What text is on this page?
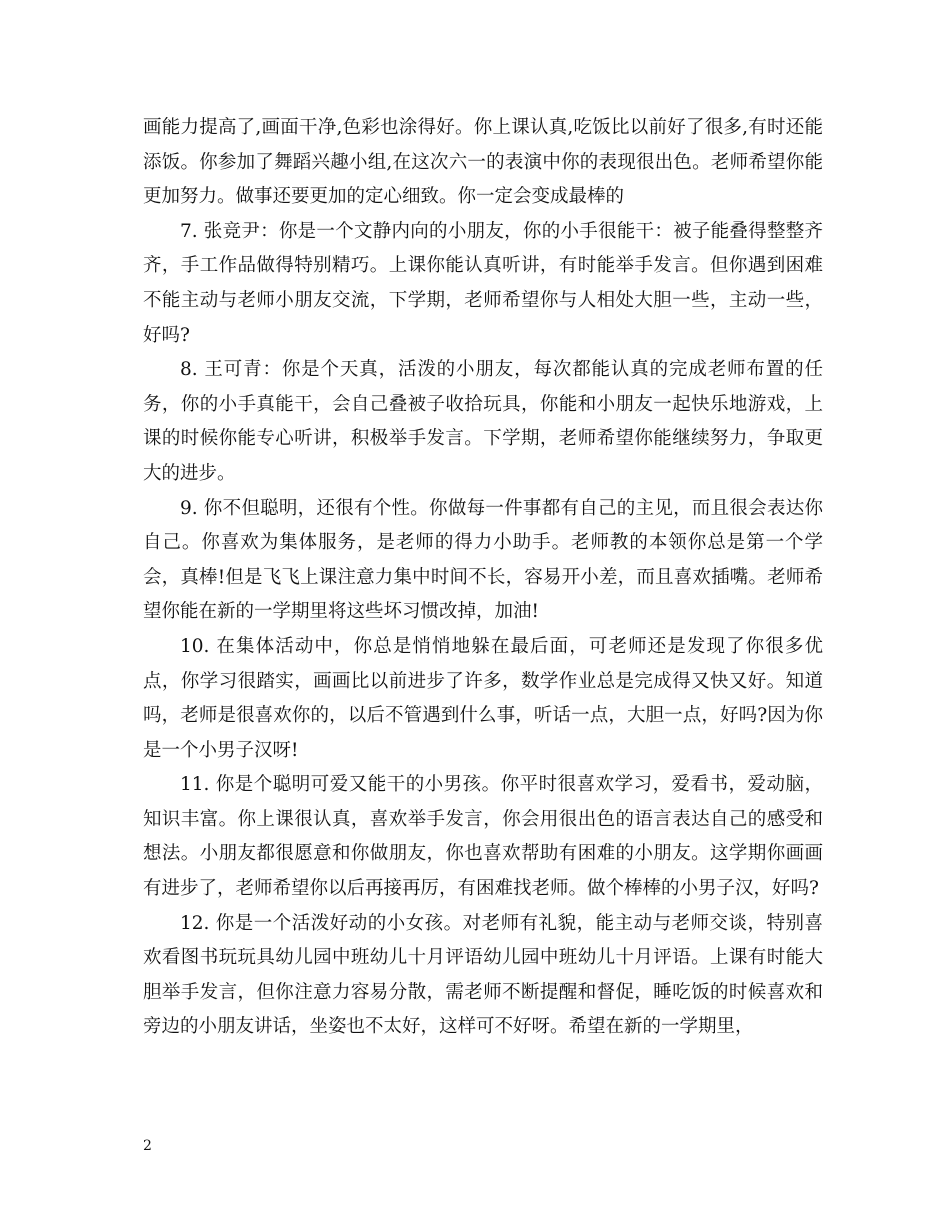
画能力提高了,画面干净,色彩也涂得好。你上课认真,吃饭比以前好了很多,有时还能添饭。你参加了舞蹈兴趣小组,在这次六一的表演中你的表现很出色。老师希望你能更加努力。做事还要更加的定心细致。你一定会变成最棒的

7. 张竞尹：你是一个文静内向的小朋友，你的小手很能干：被子能叠得整整齐齐，手工作品做得特别精巧。上课你能认真听讲，有时能举手发言。但你遇到困难不能主动与老师小朋友交流，下学期，老师希望你与人相处大胆一些，主动一些，好吗?

8. 王可青：你是个天真，活泼的小朋友，每次都能认真的完成老师布置的任务，你的小手真能干，会自己叠被子收拾玩具，你能和小朋友一起快乐地游戏，上课的时候你能专心听讲，积极举手发言。下学期，老师希望你能继续努力，争取更大的进步。

9. 你不但聪明，还很有个性。你做每一件事都有自己的主见，而且很会表达你自己。你喜欢为集体服务，是老师的得力小助手。老师教的本领你总是第一个学会，真棒!但是飞飞上课注意力集中时间不长，容易开小差，而且喜欢插嘴。老师希望你能在新的一学期里将这些坏习惯改掉，加油!

10. 在集体活动中，你总是悄悄地躲在最后面，可老师还是发现了你很多优点，你学习很踏实，画画比以前进步了许多，数学作业总是完成得又快又好。知道吗，老师是很喜欢你的，以后不管遇到什么事，听话一点，大胆一点，好吗?因为你是一个小男子汉呀!

11. 你是个聪明可爱又能干的小男孩。你平时很喜欢学习，爱看书，爱动脑，知识丰富。你上课很认真，喜欢举手发言，你会用很出色的语言表达自己的感受和想法。小朋友都很愿意和你做朋友，你也喜欢帮助有困难的小朋友。这学期你画画有进步了，老师希望你以后再接再厉，有困难找老师。做个棒棒的小男子汉，好吗?

12. 你是一个活泼好动的小女孩。对老师有礼貌，能主动与老师交谈，特别喜欢看图书玩玩具幼儿园中班幼儿十月评语幼儿园中班幼儿十月评语。上课有时能大胆举手发言，但你注意力容易分散，需老师不断提醒和督促，睡吃饭的时候喜欢和旁边的小朋友讲话，坐姿也不太好，这样可不好呀。希望在新的一学期里，

2
